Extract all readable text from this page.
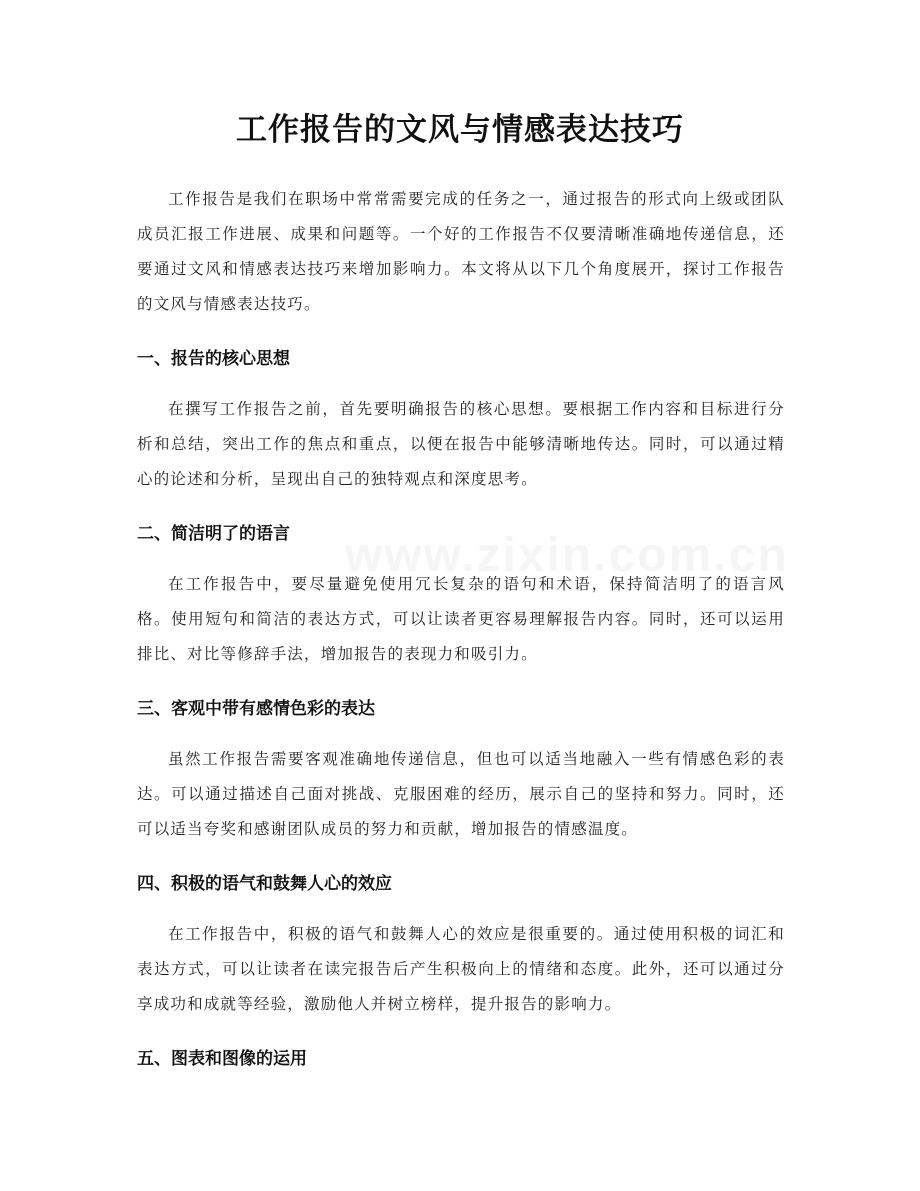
工作报告的文风与情感表达技巧

工作报告是我们在职场中常常需要完成的任务之一，通过报告的形式向上级或团队成员汇报工作进展、成果和问题等。一个好的工作报告不仅要清晰准确地传递信息，还要通过文风和情感表达技巧来增加影响力。本文将从以下几个角度展开，探讨工作报告的文风与情感表达技巧。

一、报告的核心思想

在撰写工作报告之前，首先要明确报告的核心思想。要根据工作内容和目标进行分析和总结，突出工作的焦点和重点，以便在报告中能够清晰地传达。同时，可以通过精心的论述和分析，呈现出自己的独特观点和深度思考。

二、简洁明了的语言

在工作报告中，要尽量避免使用冗长复杂的语句和术语，保持简洁明了的语言风格。使用短句和简洁的表达方式，可以让读者更容易理解报告内容。同时，还可以运用排比、对比等修辞手法，增加报告的表现力和吸引力。

三、客观中带有感情色彩的表达

虽然工作报告需要客观准确地传递信息，但也可以适当地融入一些有情感色彩的表达。可以通过描述自己面对挑战、克服困难的经历，展示自己的坚持和努力。同时，还可以适当夸奖和感谢团队成员的努力和贡献，增加报告的情感温度。

四、积极的语气和鼓舞人心的效应

在工作报告中，积极的语气和鼓舞人心的效应是很重要的。通过使用积极的词汇和表达方式，可以让读者在读完报告后产生积极向上的情绪和态度。此外，还可以通过分享成功和成就等经验，激励他人并树立榜样，提升报告的影响力。

五、图表和图像的运用
